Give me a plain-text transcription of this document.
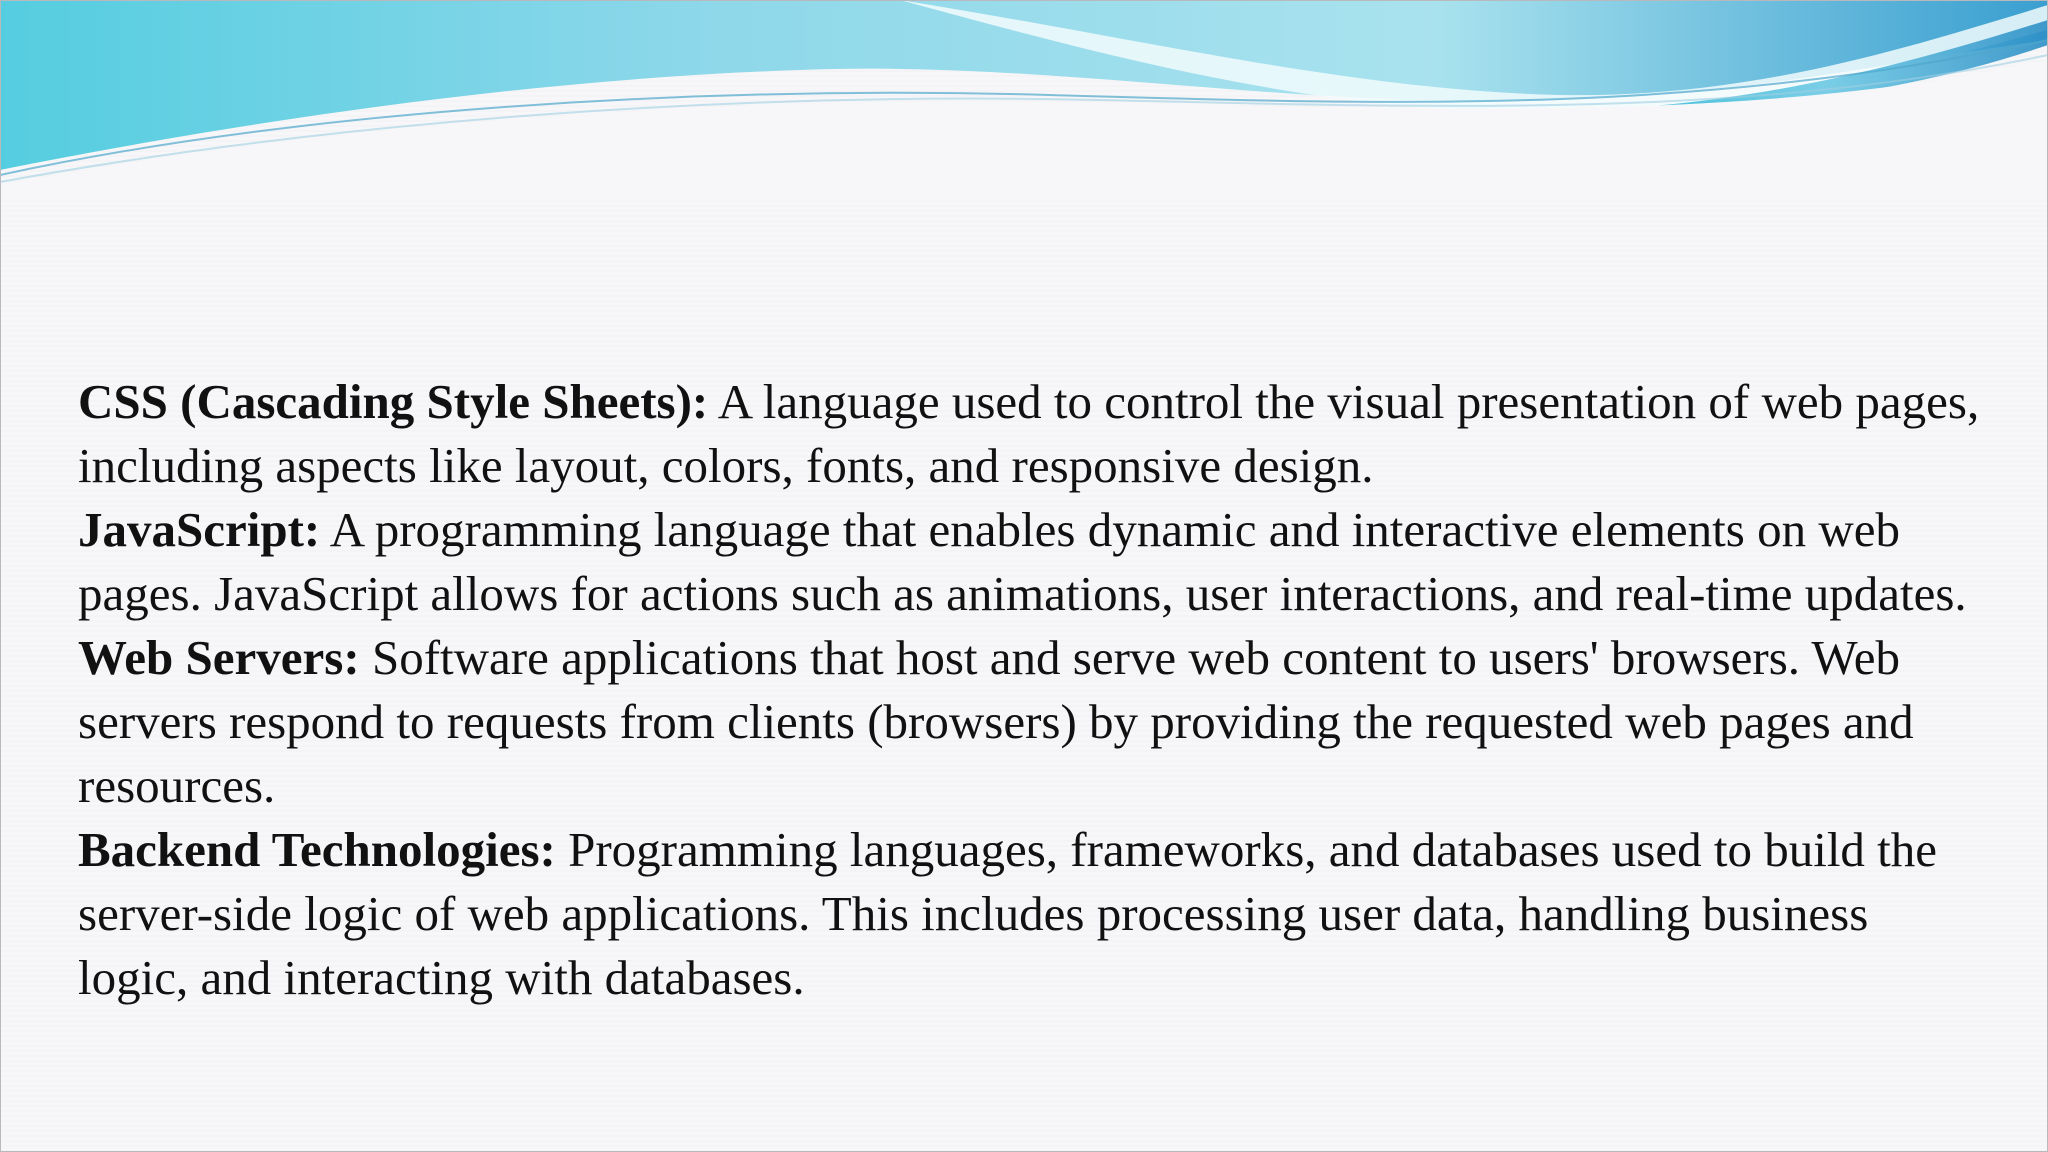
CSS (Cascading Style Sheets): A language used to control the visual presentation of web pages, including aspects like layout, colors, fonts, and responsive design.

JavaScript: A programming language that enables dynamic and interactive elements on web pages. JavaScript allows for actions such as animations, user interactions, and real-time updates.

Web Servers: Software applications that host and serve web content to users' browsers. Web servers respond to requests from clients (browsers) by providing the requested web pages and resources.

Backend Technologies: Programming languages, frameworks, and databases used to build the server-side logic of web applications. This includes processing user data, handling business logic, and interacting with databases.
